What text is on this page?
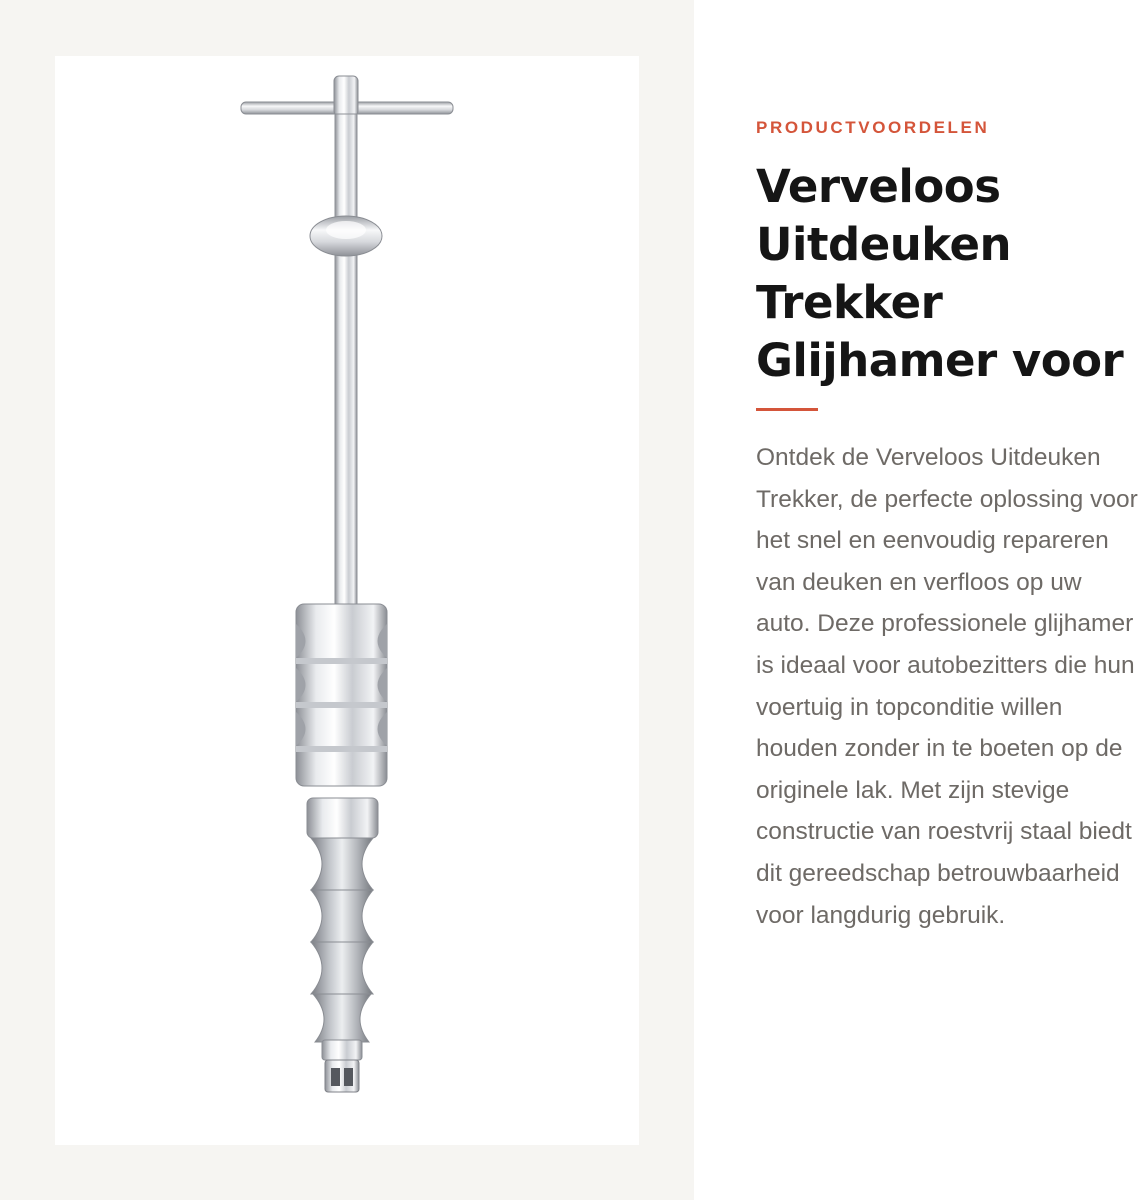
PRODUCTVOORDELEN
Verveloos Uitdeuken Trekker Glijhamer voor

Ontdek de Verveloos Uitdeuken Trekker, de perfecte oplossing voor het snel en eenvoudig repareren van deuken en verfloos op uw auto. Deze professionele glijhamer is ideaal voor autobezitters die hun voertuig in topconditie willen houden zonder in te boeten op de originele lak. Met zijn stevige constructie van roestvrij staal biedt dit gereedschap betrouwbaarheid voor langdurig gebruik.
